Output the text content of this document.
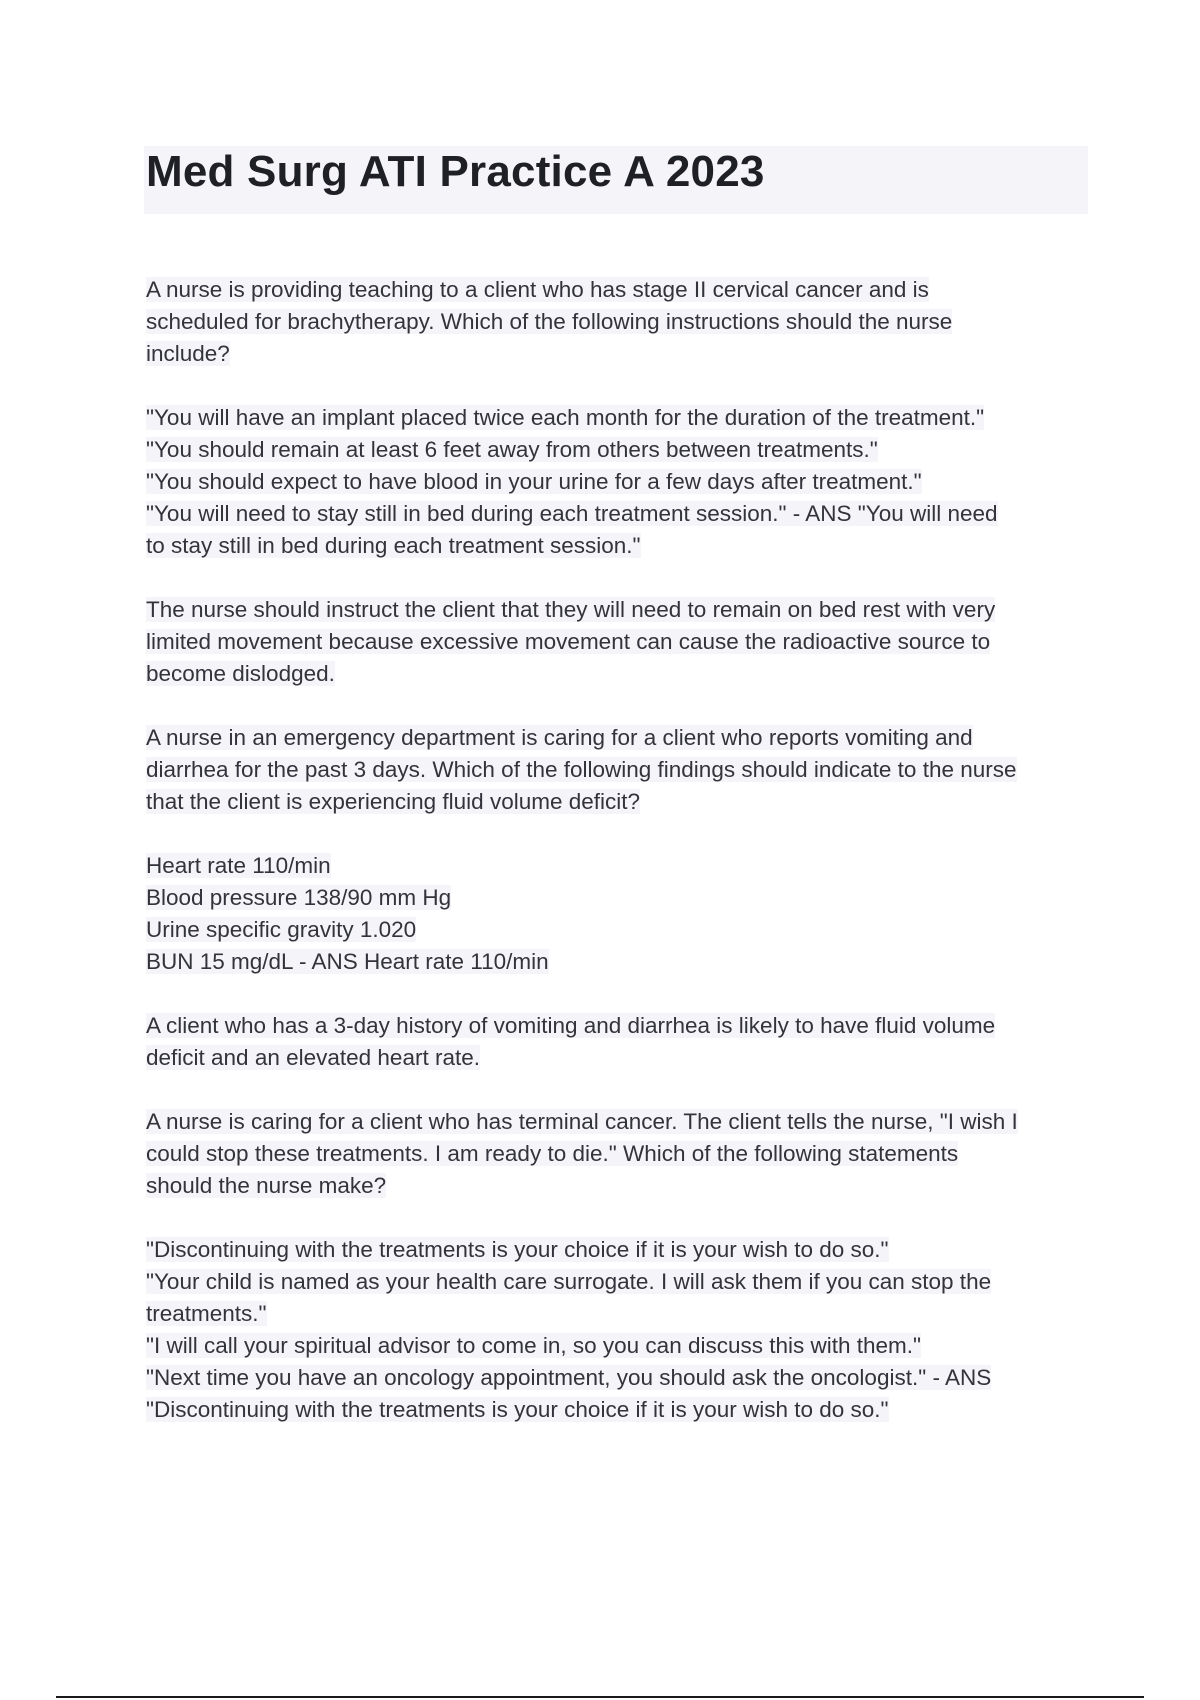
Med Surg ATI Practice A 2023

A nurse is providing teaching to a client who has stage II cervical cancer and is
scheduled for brachytherapy. Which of the following instructions should the nurse
include?

"You will have an implant placed twice each month for the duration of the treatment."
"You should remain at least 6 feet away from others between treatments."
"You should expect to have blood in your urine for a few days after treatment."
"You will need to stay still in bed during each treatment session." - ANS "You will need
to stay still in bed during each treatment session."

The nurse should instruct the client that they will need to remain on bed rest with very
limited movement because excessive movement can cause the radioactive source to
become dislodged.

A nurse in an emergency department is caring for a client who reports vomiting and
diarrhea for the past 3 days. Which of the following findings should indicate to the nurse
that the client is experiencing fluid volume deficit?

Heart rate 110/min
Blood pressure 138/90 mm Hg
Urine specific gravity 1.020
BUN 15 mg/dL - ANS Heart rate 110/min

A client who has a 3-day history of vomiting and diarrhea is likely to have fluid volume
deficit and an elevated heart rate.

A nurse is caring for a client who has terminal cancer. The client tells the nurse, "I wish I
could stop these treatments. I am ready to die." Which of the following statements
should the nurse make?

"Discontinuing with the treatments is your choice if it is your wish to do so."
"Your child is named as your health care surrogate. I will ask them if you can stop the
treatments."
"I will call your spiritual advisor to come in, so you can discuss this with them."
"Next time you have an oncology appointment, you should ask the oncologist." - ANS
"Discontinuing with the treatments is your choice if it is your wish to do so."
